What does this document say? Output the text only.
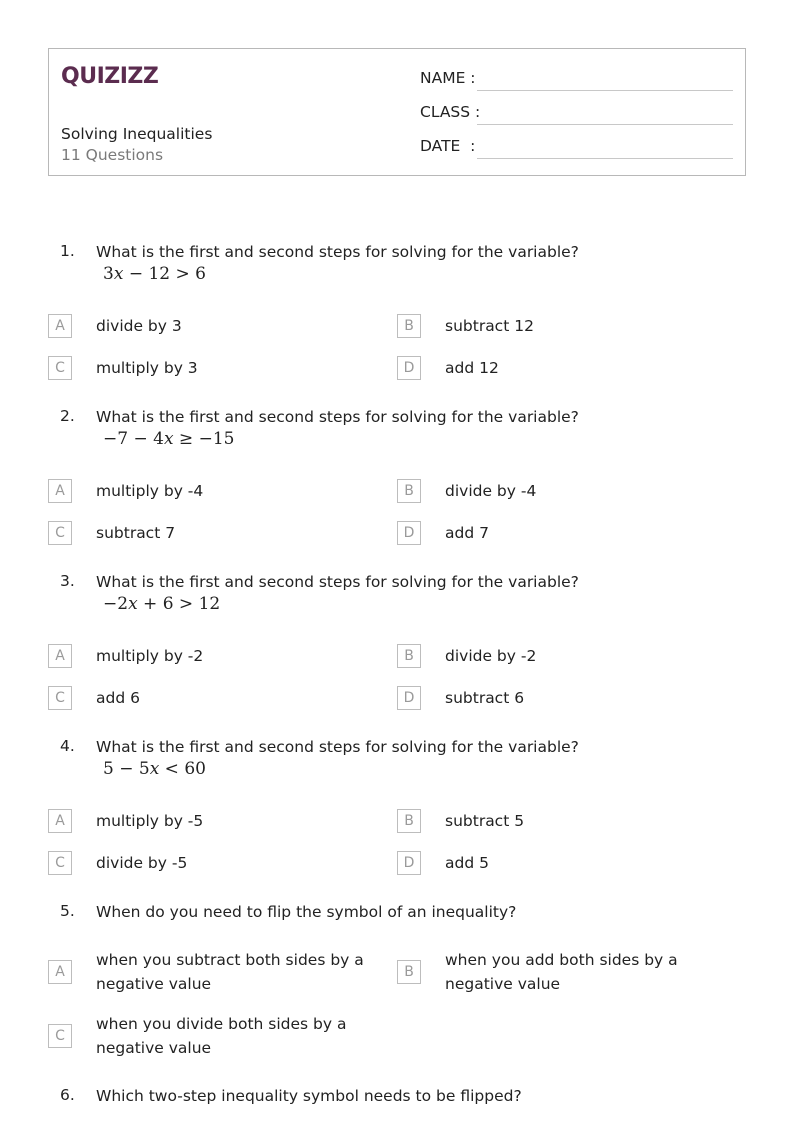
QUIZIZZ
Solving Inequalities
11 Questions
NAME :
CLASS :
DATE  :
1. What is the first and second steps for solving for the variable?
3x − 12 > 6
A	divide by 3	B	subtract 12
C	multiply by 3	D	add 12
2. What is the first and second steps for solving for the variable?
−7 − 4x ≥ −15
A	multiply by -4	B	divide by -4
C	subtract 7	D	add 7
3. What is the first and second steps for solving for the variable?
−2x + 6 > 12
A	multiply by -2	B	divide by -2
C	add 6	D	subtract 6
4. What is the first and second steps for solving for the variable?
5 − 5x < 60
A	multiply by -5	B	subtract 5
C	divide by -5	D	add 5
5. When do you need to flip the symbol of an inequality?
A
when you subtract both sides by a negative value
B
when you add both sides by a negative value
C
when you divide both sides by a negative value
6. Which two-step inequality symbol needs to be flipped?
